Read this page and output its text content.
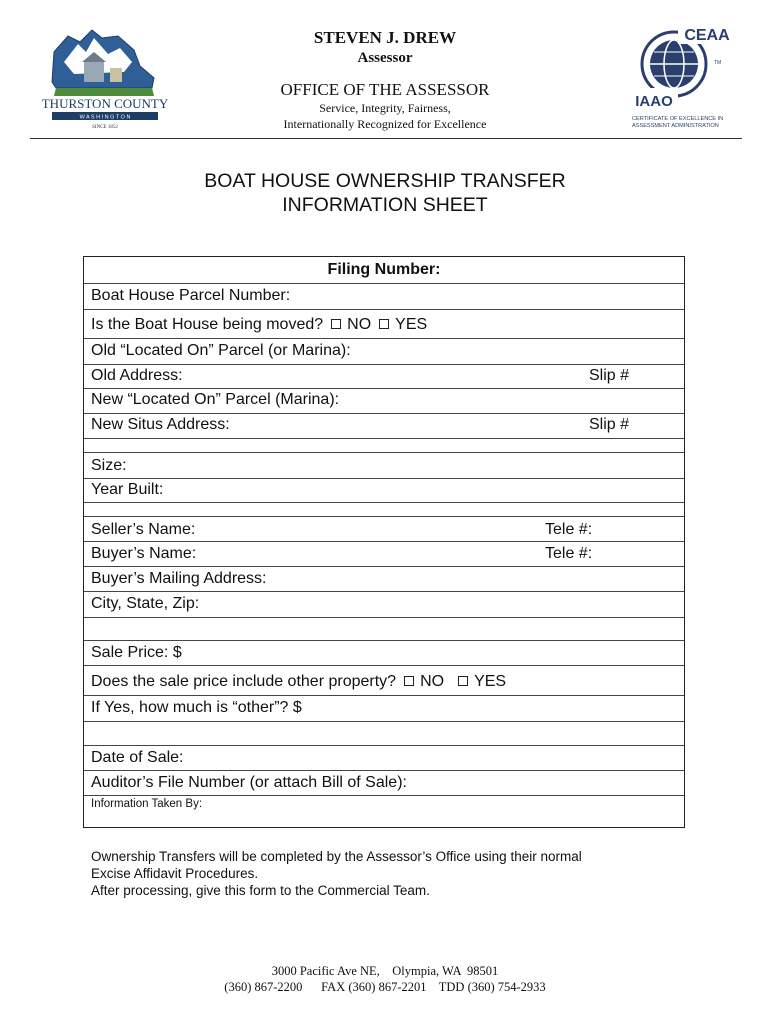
THURSTON COUNTY
W A S H I N G T O N
SINCE 1852
STEVEN J. DREW
Assessor
OFFICE OF THE ASSESSOR
Service, Integrity, Fairness,
Internationally Recognized for Excellence
CEAA
TM
IAAO
CERTIFICATE OF EXCELLENCE IN
ASSESSMENT ADMINISTRATION
BOAT HOUSE OWNERSHIP TRANSFER
INFORMATION SHEET
Filing Number:
Boat House Parcel Number:
Is the Boat House being moved? NO YES
Old “Located On” Parcel (or Marina):
Old Address:	Slip #
New “Located On” Parcel (Marina):
New Situs Address:	Slip #
Size:
Year Built:
Seller’s Name:	Tele #:
Buyer’s Name:	Tele #:
Buyer’s Mailing Address:
City, State, Zip:
Sale Price: $
Does the sale price include other property? NO YES
If Yes, how much is “other”? $
Date of Sale:
Auditor’s File Number (or attach Bill of Sale):
Information Taken By:
Ownership Transfers will be completed by the Assessor’s Office using their normal
Excise Affidavit Procedures.
After processing, give this form to the Commercial Team.
3000 Pacific Ave NE,    Olympia, WA  98501
(360) 867-2200      FAX (360) 867-2201    TDD (360) 754-2933
